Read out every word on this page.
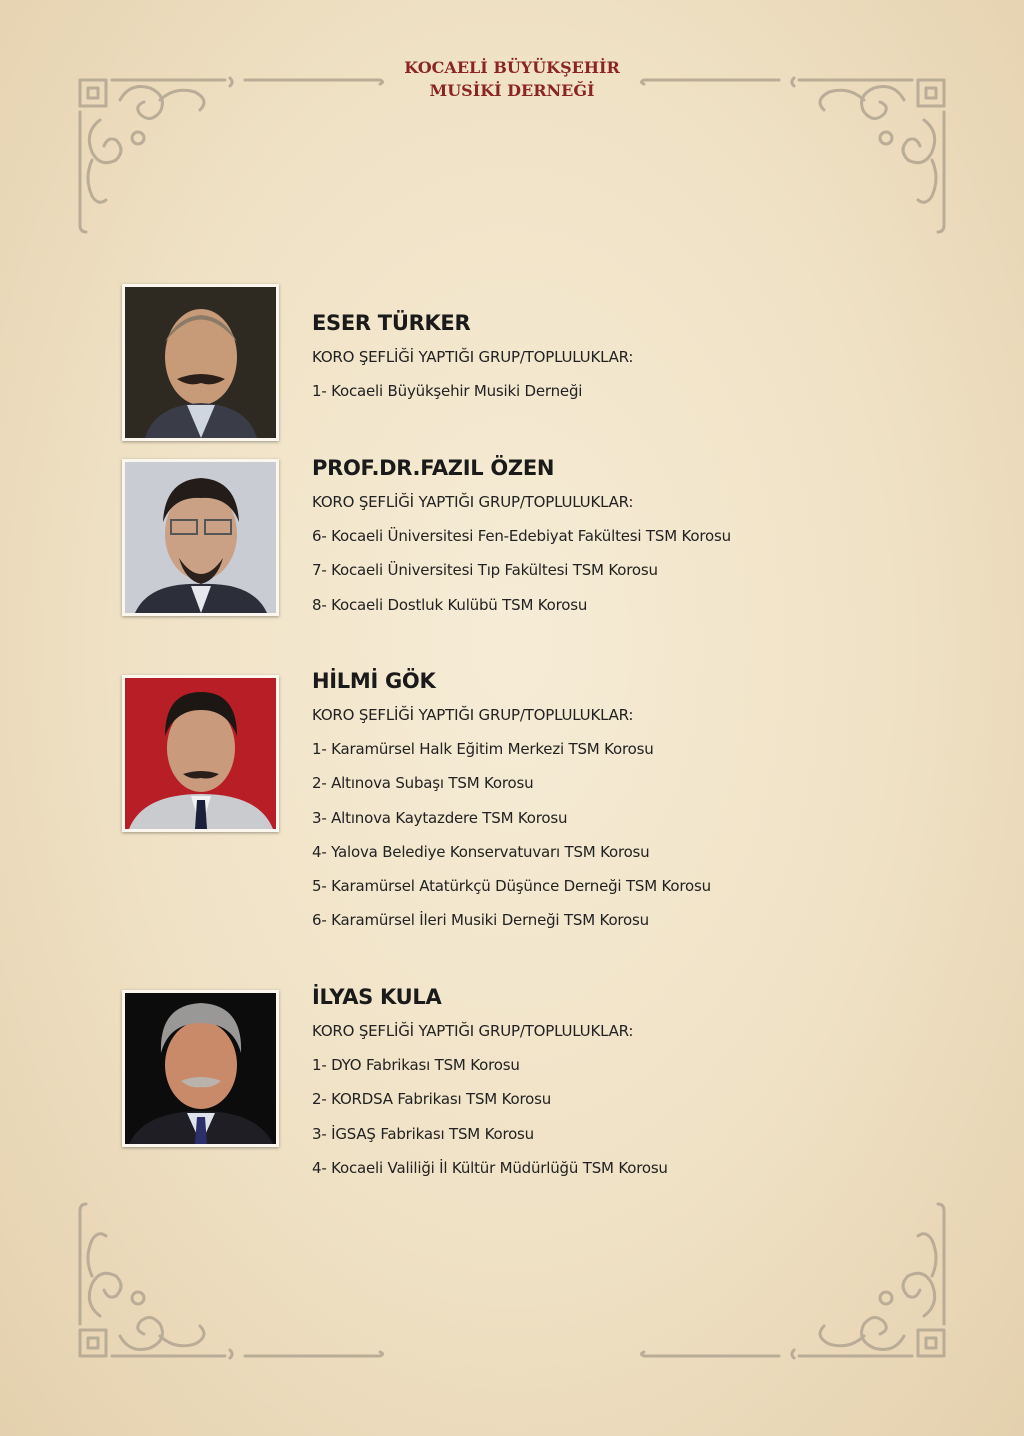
KOCAELİ BÜYÜKŞEHİR
MUSİKİ DERNEĞİ
ESER TÜRKER
KORO ŞEFLİĞİ YAPTIĞI GRUP/TOPLULUKLAR:
1- Kocaeli Büyükşehir Musiki Derneği
PROF.DR.FAZIL ÖZEN
KORO ŞEFLİĞİ YAPTIĞI GRUP/TOPLULUKLAR:
6- Kocaeli Üniversitesi Fen-Edebiyat Fakültesi TSM Korosu
7- Kocaeli Üniversitesi Tıp Fakültesi TSM Korosu
8- Kocaeli Dostluk Kulübü TSM Korosu
HİLMİ GÖK
KORO ŞEFLİĞİ YAPTIĞI GRUP/TOPLULUKLAR:
1- Karamürsel Halk Eğitim Merkezi TSM Korosu
2- Altınova Subaşı TSM Korosu
3- Altınova Kaytazdere TSM Korosu
4- Yalova Belediye Konservatuvarı TSM Korosu
5- Karamürsel Atatürkçü Düşünce Derneği TSM Korosu
6- Karamürsel İleri Musiki Derneği TSM Korosu
İLYAS KULA
KORO ŞEFLİĞİ YAPTIĞI GRUP/TOPLULUKLAR:
1- DYO Fabrikası TSM Korosu
2- KORDSA Fabrikası TSM Korosu
3- İGSAŞ Fabrikası TSM Korosu
4- Kocaeli Valiliği İl Kültür Müdürlüğü TSM Korosu
